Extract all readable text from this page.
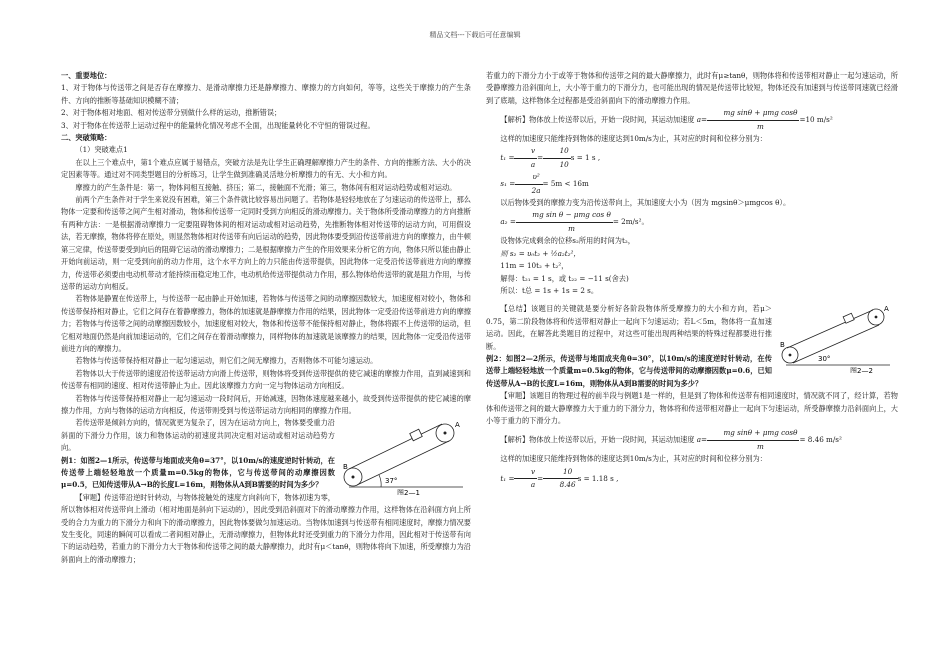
精品文档---下载后可任意编辑

一、重要地位：

1、对于物体与传送带之间是否存在摩擦力、是滑动摩擦力还是静摩擦力、摩擦力的方向如何，等等，这些关于摩擦力的产生条件、方向的推断等基础知识模糊不清；

2、对于物体相对地面、相对传送带分别做什么样的运动，推断错误；

3、对于物体在传送带上运动过程中的能量转化情况考虑不全面，出现能量转化不守恒的错误过程。

二、突破策略：

（1）突破难点1

在以上三个难点中，第1个难点应属于易错点，突破方法是先让学生正确理解摩擦力产生的条件、方向的推断方法、大小的决定因素等等。通过对不同类型题目的分析练习，让学生做到准确灵活地分析摩擦力的有无、大小和方向。

摩擦力的产生条件是：第一，物体间相互接触、挤压；第二，接触面不光滑；第三，物体间有相对运动趋势或相对运动。

前两个产生条件对于学生来说没有困难，第三个条件就比较容易出问题了。若物体是轻轻地放在了匀速运动的传送带上，那么物体一定要和传送带之间产生相对滑动，物体和传送带一定同时受到方向相反的滑动摩擦力。关于物体所受滑动摩擦力的方向推断有两种方法：一是根据滑动摩擦力一定要阻碍物体间的相对运动或相对运动趋势，先推断物体相对传送带的运动方向，可用假设法，若无摩擦，物体将停在原处，则显然物体相对传送带有向后运动的趋势，因此物体要受到沿传送带前进方向的摩擦力，由牛顿第三定律，传送带要受到向后的阻碍它运动的滑动摩擦力；二是根据摩擦力产生的作用效果来分析它的方向，物体只所以能由静止开始向前运动，则一定受到向前的动力作用，这个水平方向上的力只能由传送带提供，因此物体一定受沿传送带前进方向的摩擦力，传送带必须要由电动机带动才能持续而稳定地工作，电动机给传送带提供动力作用，那么物体给传送带的就是阻力作用，与传送带的运动方向相反。

若物体是静置在传送带上，与传送带一起由静止开始加速，若物体与传送带之间的动摩擦因数较大，加速度相对较小，物体和传送带保持相对静止，它们之间存在着静摩擦力，物体的加速就是静摩擦力作用的结果，因此物体一定受沿传送带前进方向的摩擦力；若物体与传送带之间的动摩擦因数较小，加速度相对较大，物体和传送带不能保持相对静止，物体将跟不上传送带的运动，但它相对地面仍然是向前加速运动的，它们之间存在着滑动摩擦力，同样物体的加速就是该摩擦力的结果，因此物体一定受沿传送带前进方向的摩擦力。

若物体与传送带保持相对静止一起匀速运动，则它们之间无摩擦力，否则物体不可能匀速运动。

若物体以大于传送带的速度沿传送带运动方向滑上传送带，则物体将受到传送带提供的使它减速的摩擦力作用，直到减速到和传送带有相同的速度、相对传送带静止为止。因此该摩擦力方向一定与物体运动方向相反。

若物体与传送带保持相对静止一起匀速运动一段时间后，开始减速，因物体速度越来越小，故受到传送带提供的使它减速的摩擦力作用，方向与物体的运动方向相反，传送带则受到与传送带运动方向相同的摩擦力作用。

B
A
37°
图2—1

若传送带是倾斜方向的，情况就更为复杂了，因为在运动方向上，物体要受重力沿斜面的下滑分力作用，该力和物体运动的初速度共同决定相对运动或相对运动趋势方向。

例1：如图2—1所示，传送带与地面成夹角θ=37°，以10m/s的速度逆时针转动，在传送带上端轻轻地放一个质量m=0.5kg的物体，它与传送带间的动摩擦因数μ=0.5，已知传送带从A→B的长度L=16m，则物体从A到B需要的时间为多少？

【审题】传送带沿逆时针转动，与物体接触处的速度方向斜向下，物体初速为零，所以物体相对传送带向上滑动（相对地面是斜向下运动的），因此受到沿斜面对下的滑动摩擦力作用，这样物体在沿斜面方向上所受的合力为重力的下滑分力和向下的滑动摩擦力，因此物体要做匀加速运动。当物体加速到与传送带有相同速度时，摩擦力情况要发生变化，同速的瞬间可以看成二者间相对静止，无滑动摩擦力，但物体此时还受到重力的下滑分力作用，因此相对于传送带有向下的运动趋势，若重力的下滑分力大于物体和传送带之间的最大静摩擦力，此时有μ＜tanθ，则物体将向下加速，所受摩擦力为沿斜面向上的滑动摩擦力；

若重力的下滑分力小于或等于物体和传送带之间的最大静摩擦力，此时有μ≥tanθ，则物体将和传送带相对静止一起匀速运动，所受静摩擦力沿斜面向上，大小等于重力的下滑分力，也可能出现的情况是传送带比较短，物体还没有加速到与传送带同速就已经滑到了底端，这样物体全过程都是受沿斜面向下的滑动摩擦力作用。

【解析】物体放上传送带以后，开始一段时间，其运动加速度 $a= \frac{\text{mg sinθ + μmg cosθ}}{m} =10$ m/s²

这样的加速度只能维持到物体的速度达到10m/s为止，其对应的时间和位移分别为：

$t_1 = \frac{v}{a} = \frac{10}{10}$ s = 1 s ,

$s_1 = \frac{\text{υ²}}{2a} = 5m < 16m$

以后物体受到的摩擦力变为沿传送带向上，其加速度大小为（因为 mgsinθ＞μmgcos θ）。

$a_2 = \frac{\text{mg sin θ − μmg cos θ}}{m} = 2m/s^2$。

设物体完成剩余的位移s₂所用的时间为t₂，

则 s₂ = υ₀t₂ + ½a₂t₂²，

11m = 10t₂ + t₂²，

解得：t₂₁ = 1 s，或 t₂₂ = −11 s(舍去)

所以：t总 = 1s + 1s = 2 s。

B
A
30°
图2—2

【总结】该题目的关键就是要分析好各阶段物体所受摩擦力的大小和方向，若μ＞0.75，第二阶段物体将和传送带相对静止一起向下匀速运动；若L＜5m，物体将一直加速运动。因此，在解答此类题目的过程中，对这些可能出现两种结果的特殊过程都要进行推断。

例2：如图2—2所示，传送带与地面成夹角θ=30°，以10m/s的速度逆时针转动，在传送带上端轻轻地放一个质量m=0.5kg的物体，它与传送带间的动摩擦因数μ=0.6，已知传送带从A→B的长度L=16m，则物体从A到B需要的时间为多少？

【审题】该题目的物理过程的前半段与例题1是一样的，但是到了物体和传送带有相同速度时，情况就不同了，经计算，若物体和传送带之间的最大静摩擦力大于重力的下滑分力，物体将和传送带相对静止一起向下匀速运动，所受静摩擦力沿斜面向上，大小等于重力的下滑分力。

【解析】物体放上传送带以后，开始一段时间，其运动加速度 $a= \frac{\text{mg sinθ + μmg cosθ}}{m} = 8.46$ m/s²

这样的加速度只能维持到物体的速度达到10m/s为止，其对应的时间和位移分别为：

$t_1 = \frac{v}{a} = \frac{10}{8.46}$ s = 1.18 s ,
